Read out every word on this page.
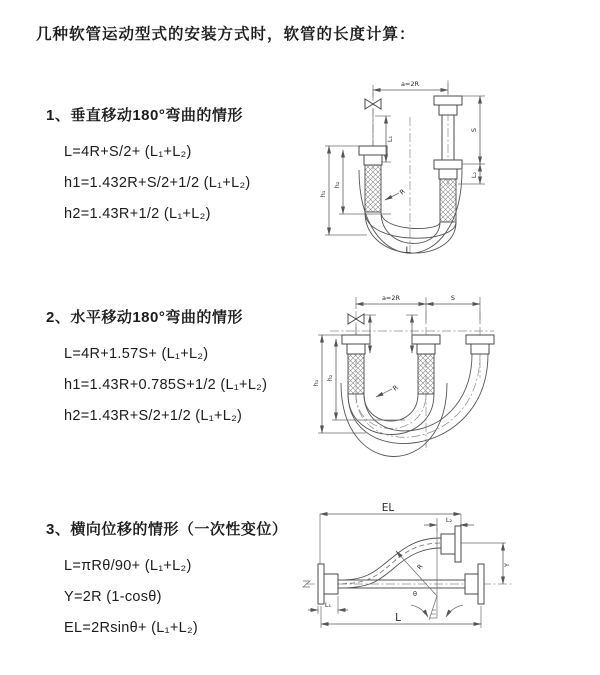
几种软管运动型式的安装方式时，软管的长度计算：
1、垂直移动180°弯曲的情形
L=4R+S/2+ (L₁+L₂)
h1=1.432R+S/2+1/2 (L₁+L₂)
h2=1.43R+1/2 (L₁+L₂)
a=2R
R
L
h₁
h₂
L₁
S
L₂
2、水平移动180°弯曲的情形
L=4R+1.57S+ (L₁+L₂)
h1=1.43R+0.785S+1/2 (L₁+L₂)
h2=1.43R+S/2+1/2 (L₁+L₂)
a=2R	S
R
h₁
h₂
3、横向位移的情形（一次性变位）
L=πRθ/90+ (L₁+L₂)
Y=2R (1-cosθ)
EL=2Rsinθ+ (L₁+L₂)
EL
L₂
R
θ
Y
L₁
L
